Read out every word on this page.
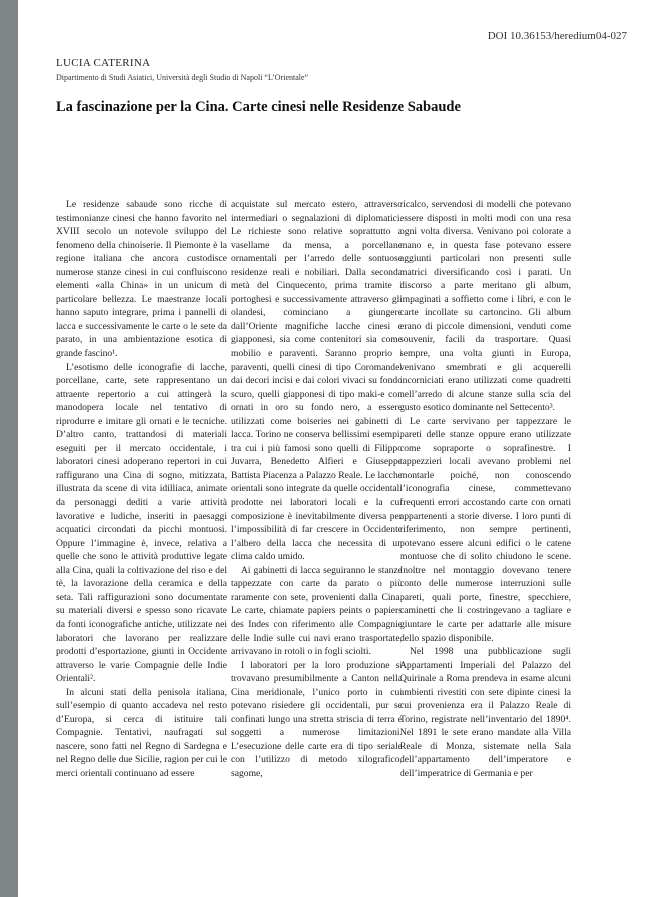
DOI 10.36153/heredium04-027
LUCIA CATERINA
Dipartimento di Studi Asiatici, Università degli Studio di Napoli “L’Orientale”
La fascinazione per la Cina. Carte cinesi nelle Residenze Sabaude

Le residenze sabaude sono ricche di testimonianze cinesi che hanno favorito nel XVIII secolo un notevole sviluppo del fenomeno della chinoiserie. Il Piemonte è la regione italiana che ancora custodisce numerose stanze cinesi in cui confluiscono elementi «alla China» in un unicum di particolare bellezza. Le maestranze locali hanno saputo integrare, prima i pannelli di lacca e successivamente le carte o le sete da parato, in una ambientazione esotica di grande fascino¹.

L’esotismo delle iconografie di lacche, porcellane, carte, sete rappresentano un attraente repertorio a cui attingerà la manodopera locale nel tentativo di riprodurre e imitare gli ornati e le tecniche. D’altro canto, trattandosi di materiali eseguiti per il mercato occidentale, i laboratori cinesi adoperano repertori in cui raffigurano una Cina di sogno, mitizzata, illustrata da scene di vita idilliaca, animate da personaggi dediti a varie attività lavorative e ludiche, inseriti in paesaggi acquatici circondati da picchi montuosi. Oppure l’immagine è, invece, relativa a quelle che sono le attività produttive legate alla Cina, quali la coltivazione del riso e del tè, la lavorazione della ceramica e della seta. Tali raffigurazioni sono documentate su materiali diversi e spesso sono ricavate da fonti iconografiche antiche, utilizzate nei laboratori che lavorano per realizzare prodotti d’esportazione, giunti in Occidente attraverso le varie Compagnie delle Indie Orientali².

In alcuni stati della penisola italiana, sull’esempio di quanto accadeva nel resto d’Europa, si cerca di istituire tali Compagnie. Tentativi, naufragati sul nascere, sono fatti nel Regno di Sardegna e nel Regno delle due Sicilie, ragion per cui le merci orientali continuano ad essere

acquistate sul mercato estero, attraverso intermediari o segnalazioni di diplomatici. Le richieste sono relative soprattutto a vasellame da mensa, a porcellane ornamentali per l’arredo delle sontuose residenze reali e nobiliari. Dalla seconda metà del Cinquecento, prima tramite i portoghesi e successivamente attraverso gli olandesi, cominciano a giungere dall’Oriente magnifiche lacche cinesi e giapponesi, sia come contenitori sia come mobilio e paraventi. Saranno proprio i paraventi, quelli cinesi di tipo Coromandel dai decori incisi e dai colori vivaci su fondo scuro, quelli giapponesi di tipo maki-e con ornati in oro su fondo nero, a essere utilizzati come boiseries nei gabinetti di lacca. Torino ne conserva bellissimi esempi, tra cui i più famosi sono quelli di Filippo Juvarra, Benedetto Alfieri e Giuseppe Battista Piacenza a Palazzo Reale. Le lacche orientali sono integrate da quelle occidentali prodotte nei laboratori locali e la cui composizione è inevitabilmente diversa per l’impossibilità di far crescere in Occidente l’albero della lacca che necessita di un clima caldo umido.

Ai gabinetti di lacca seguiranno le stanze tappezzate con carte da parato o più raramente con sete, provenienti dalla Cina. Le carte, chiamate papiers peints o papiers des Indes con riferimento alle Compagnie delle Indie sulle cui navi erano trasportate, arrivavano in rotoli o in fogli sciolti.

I laboratori per la loro produzione si trovavano presumibilmente a Canton nella Cina meridionale, l’unico porto in cui potevano risiedere gli occidentali, pur se confinati lungo una stretta striscia di terra e soggetti a numerose limitazioni. L’esecuzione delle carte era di tipo seriale con l’utilizzo di metodo xilografico, sagome,

ricalco, servendosi di modelli che potevano essere disposti in molti modi con una resa ogni volta diversa. Venivano poi colorate a mano e, in questa fase potevano essere aggiunti particolari non presenti sulle matrici diversificando così i parati. Un discorso a parte meritano gli album, impaginati a soffietto come i libri, e con le carte incollate su cartoncino. Gli album erano di piccole dimensioni, venduti come souvenir, facili da trasportare. Quasi sempre, una volta giunti in Europa, venivano smembrati e gli acquerelli incorniciati erano utilizzati come quadretti nell’arredo di alcune stanze sulla scia del gusto esotico dominante nel Settecento³.

Le carte servivano per tappezzare le pareti delle stanze oppure erano utilizzate come sopraporte o soprafinestre. I tappezzieri locali avevano problemi nel montarle poiché, non conoscendo l’iconografia cinese, commettevano frequenti errori accostando carte con ornati appartenenti a storie diverse. I loro punti di riferimento, non sempre pertinenti, potevano essere alcuni edifici o le catene montuose che di solito chiudono le scene. Inoltre nel montaggio dovevano tenere conto delle numerose interruzioni sulle pareti, quali porte, finestre, specchiere, caminetti che li costringevano a tagliare e giuntare le carte per adattarle alle misure dello spazio disponibile.

Nel 1998 una pubblicazione sugli Appartamenti Imperiali del Palazzo del Quirinale a Roma prendeva in esame alcuni ambienti rivestiti con sete dipinte cinesi la cui provenienza era il Palazzo Reale di Torino, registrate nell’inventario del 1890⁴. Nel 1891 le sete erano mandate alla Villa Reale di Monza, sistemate nella Sala dell’appartamento dell’imperatore e dell’imperatrice di Germania e per
